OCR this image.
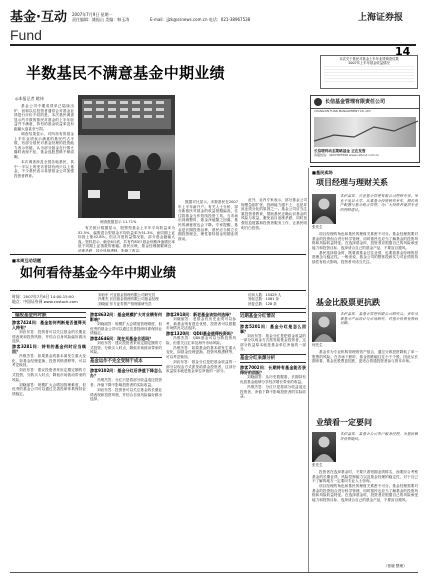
基金·互动
Fund
2007年7月9日 星期一
责任编辑：姚振山 美编：韩玉涛	E-mail：jjzk@ssnews.com.cn 电话：021-38967538	上海证券报
14
半数基民不满意基金中期业绩
本次关于基民对基金上半年业绩调查结果
2007年上半年基金收益情况
◎本报记者 姚炜

基金公司中期成绩单已陆续出炉，但和以往投资者通常会对基金业绩进行评价不同的是，本次基民调查显示约半数的基民对基金的上半年收益并不满意，持有的基金收益率没有跑赢大盘甚至亏损。

调查结果显示，对所持有的基金上半年业绩表示满意的基民约占半数，有部分基民对基金经理的投资能力表示怀疑，认为部分基金在行情火爆时表现不佳，基金选股思路不够清晰。

本次调查涉及全国各地基民，其中一半以上的受访者持有两只以上基金，不少基民表示希望基金公司加强投资者教育。

调查数据显示 11.71%

有关统计数据显示，股票型基金上半年平均收益率为52.5%，偏股混合型基金平均收益率为51.3%，而同期上证综指上涨42.8%。但从月度收益情况看，部分基金跑输大盘。资料显示，截至6月底，共有约83只基金份额净值增长率低于同期上证指数的涨幅。基民反映，基金经理频繁调仓、追涨杀跌，持仓风格漂移，影响了收益。

数据对比显示，多数基民在2007年上半年新开户。有关人士分析，部分新基民对基金的收益预期偏高，往往将基金当作短线投资工具。当市场出现调整时，基金净值随之回落，基民的满意度也会下降。专家提醒，基金是长期投资品种，基民应当树立长期投资理念，理性看待基金短期业绩波动。

此外，业内专家表示，部分基金公司规模急剧扩张，投研能力跟不上，也是导致业绩分化的原因之一。基金公司应当注重投资者教育，帮助基民正确认识基金的风险与收益，避免盲目追涨杀跌，同时加强信息披露和投资者服务工作，让基民明明白白投资。

长信基金管理有限责任公司
CHANGXIN FUND MANAGEMENT CO.,LTD
长信增利动态策略基金 正在发售
客服热线：4007005566 www.cxfund.com.cn
■本周互动话题
如何看待基金今年中期业绩
时间：2007年7月6日 14:00-15:00
地点：中国证券网 www.cnstock.com
刘岩东 兴业基金管理有限公司研究员
冯维杰 长信基金管理有限公司基金经理
刘晓丽 东方证券资产管理部研究员
访问人数：15429 人
发帖总数：1061 条
回复总数：128 条
偏股基金何时跌

游客7424问：基金如何判断是否值得买入持有？

刘岩东答：投资者可以关注基金的长期业绩表现和投资风格，并结合自身风险偏好做出选择。

游客3281问：持有的基金何时应当赎回？

冯维杰答：如果基金的基本面发生重大变化，如基金经理更换、投资风格漂移等，可以考虑赎回。

刘岩东答：建议投资者采用定期定额的方式投资，分散买入时点，降低市场波动带来的风险。

刘晓丽答：规模扩大会增加管理难度，但优秀的基金公司可以通过完善投研体系保持业绩稳定。

游客8632问：基金规模扩大对业绩有何影响？

刘晓丽答：规模扩大会增加管理难度，但优秀的基金公司可以通过完善投研体系保持业绩稳定。

游客4646问：现在买基金合适吗？

刘岩东答：建议投资者采用定期定额的方式投资，分散买入时点，降低市场波动带来的风险。

基金运作不完全受制于成本

游客9102问：基金分红后净值下降怎么办？

冯维杰答：分红只是将部分收益返还投资者，净值下降不影响投资者的实际收益。

刘岩东答：投资者可以关注基金的长期业绩表现和投资风格，并结合自身风险偏好做出选择。

游客2918问：新老基金该如何选择？

刘晓丽答：老基金有历史业绩可以参考，新基金则有建仓优势，投资者可以根据市场情况灵活选择。

游客1320问：QDII基金值得投资吗？

冯维杰答：QDII基金可以分散投资风险，但需关注汇率及海外市场风险。

冯维杰答：如果基金的基本面发生重大变化，如基金经理更换、投资风格漂移等，可以考虑赎回。

刘岩东答：基金分红是把基金收益的一部分以现金方式派发给基金投资者，这部分收益原本就是基金单位净值的一部分。

近期基金分红情况

游客5201问：基金分红是怎么回事？

刘岩东答：基金分红是把基金收益的一部分以现金方式派发给基金投资者，这部分收益原本就是基金单位净值的一部分。

基金分红来源分析

游客7002问：长期持有基金能否获得好的回报？

刘晓丽答：从历史数据看，长期持有优质基金能够分享经济增长带来的收益。

冯维杰答：分红只是将部分收益返还投资者，净值下降不影响投资者的实际收益。

■基民卖场
项目经理与理财关系
张先生
本栏嘉宾：兴业基金管理有限公司理财专家。毕业于复旦大学，从事基金投资研究多年，擅长资产配置与基金组合管理，为广大投资者提供专业的理财建议。

项目经理的角色和基民的理财关系密不可分。基金经理需要对基金的投资组合进行科学管理，同时基民也应当了解基金的投资风格和风险收益特征。在选择基金时，投资者应根据自己的风险承受能力和投资目标，选择适合自己的基金产品，不要盲目跟风。

基民选择基金时，既要看基金过往业绩，也要看基金经理的投资理念与稳定性。一般来说，基金公司的整体投研实力对业绩的持续性有较大影响，投资者可适当关注。

基金比股票更抗跌
何先生
本栏嘉宾：某基金管理有限公司研究员。多年从事基金产品设计与市场研究，对基金投资有独到见解。

基金作为专业机构管理的资产组合，通过分散投资降低了单一股票的风险。在市场下跌时，基金的跌幅往往小于个股，因此从长期来看，基金比股票更抗跌，更适合普通投资者参与资本市场。

业绩看一定要问
张先生
本栏嘉宾：某基金公司客户服务经理，为基民解答投资疑问。

投资者在选择基金时，不要只看短期业绩排名，而要综合考察基金的长期业绩、风险控制能力以及基金经理的稳定性，对于自己不了解的地方一定要向专业人士咨询。

项目经理的角色和基民的理财关系密不可分。基金经理需要对基金的投资组合进行科学管理，同时基民也应当了解基金的投资风格和风险收益特征。在选择基金时，投资者应根据自己的风险承受能力和投资目标，选择适合自己的基金产品，不要盲目跟风。

（张晓 整理）
